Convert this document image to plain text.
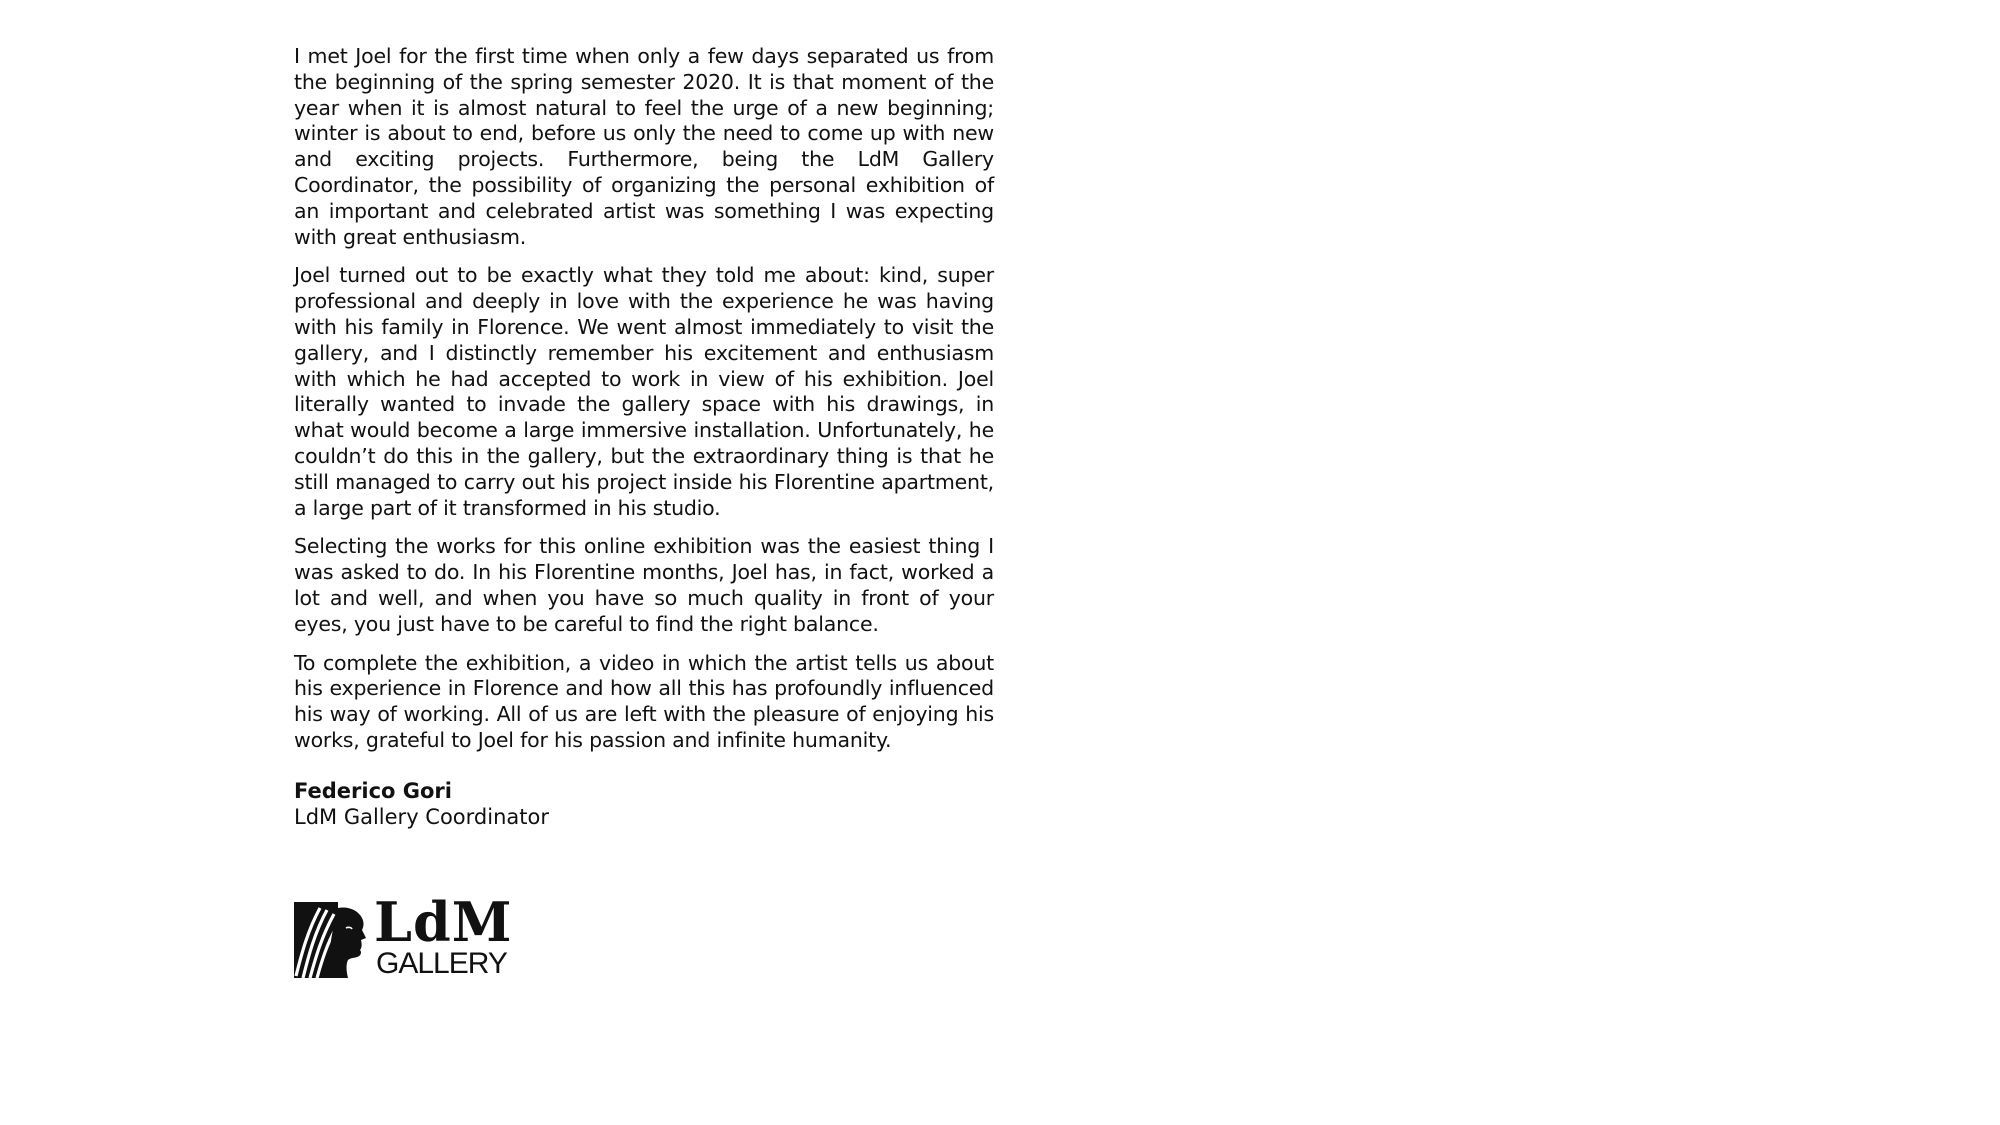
I met Joel for the first time when only a few days separated us from the beginning of the spring semester 2020. It is that moment of the year when it is almost natural to feel the urge of a new beginning; winter is about to end, before us only the need to come up with new and exciting projects. Furthermore, being the LdM Gallery Coordinator, the possibility of organizing the personal exhibition of an important and celebrated artist was something I was expecting with great enthusiasm.

Joel turned out to be exactly what they told me about: kind, super professional and deeply in love with the experience he was having with his family in Florence. We went almost immediately to visit the gallery, and I distinctly remember his excitement and enthusiasm with which he had accepted to work in view of his exhibition. Joel literally wanted to invade the gallery space with his drawings, in what would become a large immersive installation. Unfortunately, he couldn’t do this in the gallery, but the extraordinary thing is that he still managed to carry out his project inside his Florentine apartment, a large part of it transformed in his studio.

Selecting the works for this online exhibition was the easiest thing I was asked to do. In his Florentine months, Joel has, in fact, worked a lot and well, and when you have so much quality in front of your eyes, you just have to be careful to find the right balance.

To complete the exhibition, a video in which the artist tells us about his experience in Florence and how all this has profoundly influenced his way of working. All of us are left with the pleasure of enjoying his works, grateful to Joel for his passion and infinite humanity.

Federico Gori

LdM Gallery Coordinator

LdM
GALLERY
